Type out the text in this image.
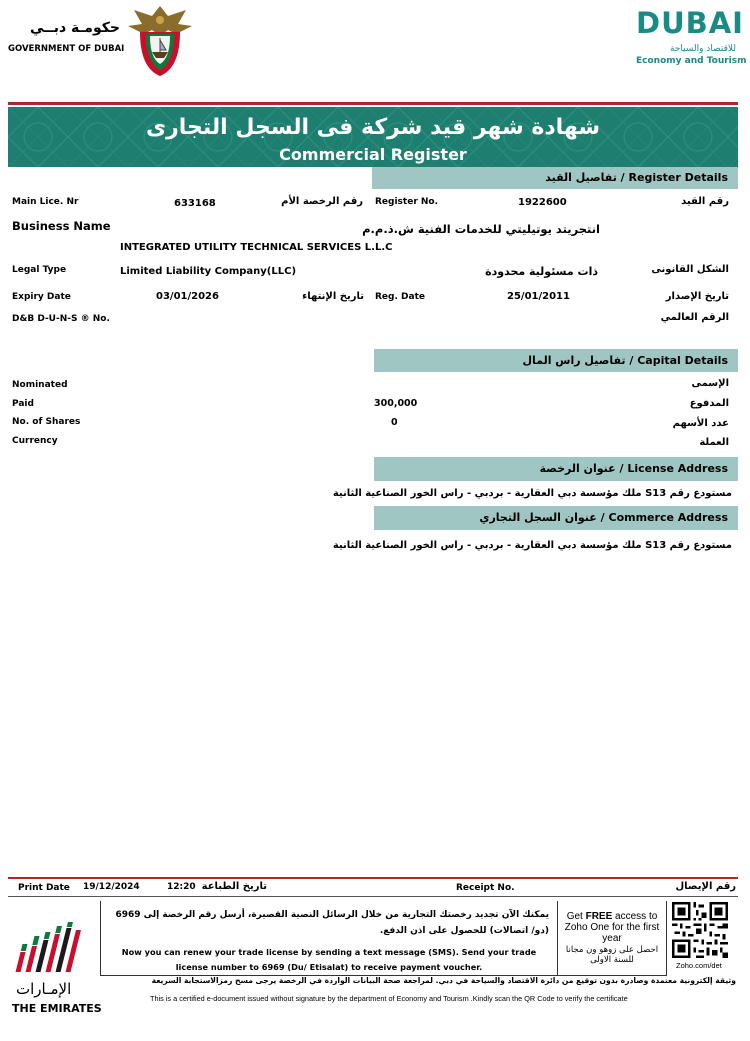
حكومـة دبــي
GOVERNMENT OF DUBAI
DUBAI
للاقتصاد والسياحة
Economy and Tourism
شهادة شهر قيد شركة فى السجل التجارى
Commercial Register
Register Details / تفاصيل القيد
Main Lice. Nr	633168	رقم الرخصة الأم Register No.	1922600	رقم القيد
Business Name	انتجريتد يوتيليتي للخدمات الفنية ش.ذ.م.م
INTEGRATED UTILITY TECHNICAL SERVICES L.L.C
Legal Type	Limited Liability Company(LLC)	ذات مسئولية محدودة	الشكل القانونى
Expiry Date	03/01/2026	تاريخ الإنتهاء Reg. Date	25/01/2011	تاريخ الإصدار
D&B D-U-N-S ® No.	الرقم العالمي
Capital Details / تفاصيل راس المال
Nominated	الإسمى
Paid	300,000	المدفوع
No. of Shares	0	عدد الأسهم
Currency	العملة
License Address / عنوان الرخصة
مستودع رقم S13 ملك مؤسسة دبي العقارية - بردبي - راس الخور الصناعية الثانية
Commerce Address / عنوان السجل التجاري
مستودع رقم S13 ملك مؤسسة دبي العقارية - بردبي - راس الخور الصناعية الثانية
Print Date 19/12/2024	12:20 تاريخ الطباعة	Receipt No.	رقم الإيصال
الإمـارات
THE EMIRATES
يمكنك الآن تجديد رخصتك التجارية من خلال الرسائل النصية القصيرة، أرسل رقم الرخصة إلى 6969 (دو/ اتصالات) للحصول على اذن الدفع.
Now you can renew your trade license by sending a text message (SMS). Send your trade license number to 6969 (Du/ Etisalat) to receive payment voucher.
Get FREE access to Zoho One for the first year
احصل على زوهو ون مجانا للسنة الاولى
Zoho.com/det
وثيقة إلكترونية معتمدة وصادرة بدون توقيع من دائرة الاقتصاد والسياحة في دبي. لمراجعة صحة البيانات الواردة في الرخصة يرجى مسح رمزالاستجابة السريعة
This is a certified e-document issued without signature by the department of Economy and Tourism .Kindly scan the QR Code to verify the certificate
